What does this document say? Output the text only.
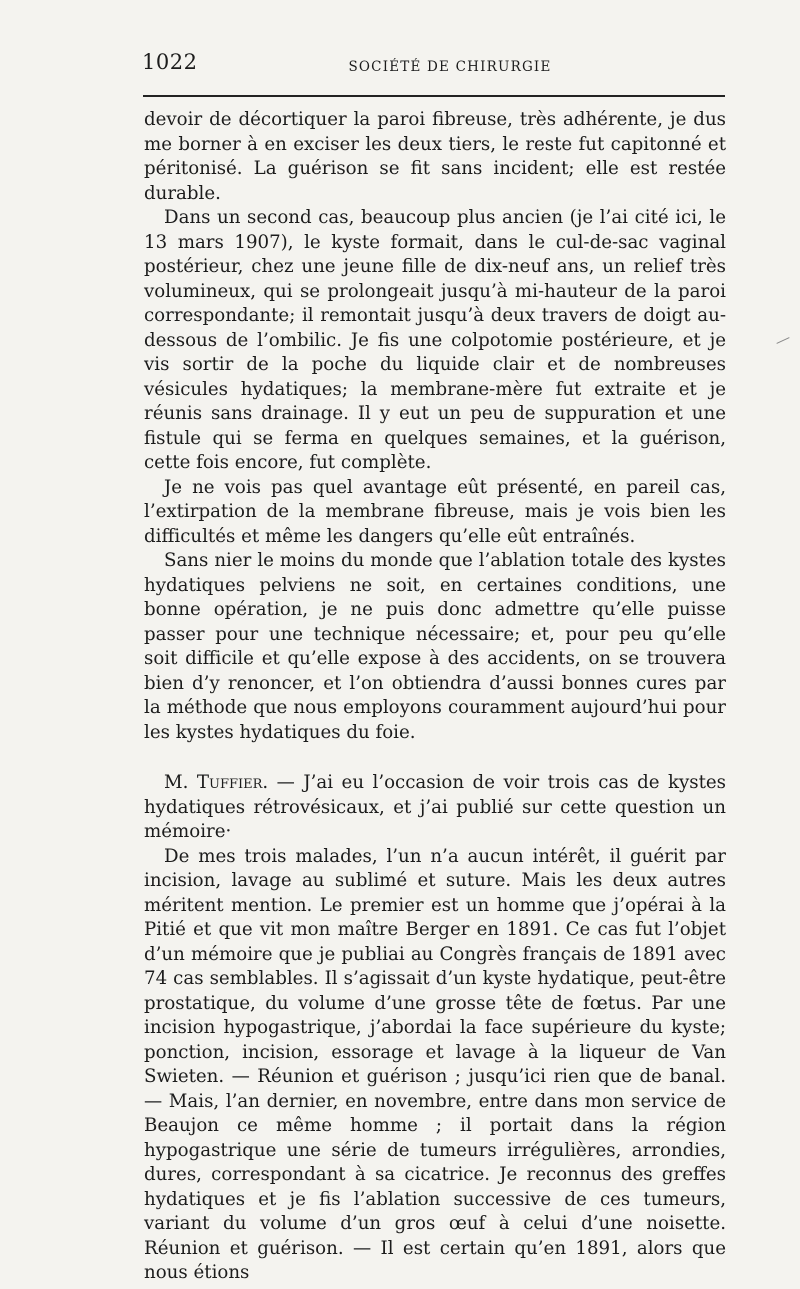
1022	SOCIÉTÉ DE CHIRURGIE

devoir de décortiquer la paroi fibreuse, très adhérente, je dus me borner à en exciser les deux tiers, le reste fut capitonné et péritonisé. La guérison se fit sans incident; elle est restée durable.

Dans un second cas, beaucoup plus ancien (je l’ai cité ici, le 13 mars 1907), le kyste formait, dans le cul-de-sac vaginal postérieur, chez une jeune fille de dix-neuf ans, un relief très volumineux, qui se prolongeait jusqu’à mi-hauteur de la paroi correspondante; il remontait jusqu’à deux travers de doigt au-dessous de l’ombilic. Je fis une colpotomie postérieure, et je vis sortir de la poche du liquide clair et de nombreuses vésicules hydatiques; la membrane-mère fut extraite et je réunis sans drainage. Il y eut un peu de suppuration et une fistule qui se ferma en quelques semaines, et la guérison, cette fois encore, fut complète.

Je ne vois pas quel avantage eût présenté, en pareil cas, l’extirpation de la membrane fibreuse, mais je vois bien les difficultés et même les dangers qu’elle eût entraînés.

Sans nier le moins du monde que l’ablation totale des kystes hydatiques pelviens ne soit, en certaines conditions, une bonne opération, je ne puis donc admettre qu’elle puisse passer pour une technique nécessaire; et, pour peu qu’elle soit difficile et qu’elle expose à des accidents, on se trouvera bien d’y renoncer, et l’on obtiendra d’aussi bonnes cures par la méthode que nous employons couramment aujourd’hui pour les kystes hydatiques du foie.

M. Tuffier. — J’ai eu l’occasion de voir trois cas de kystes hydatiques rétrovésicaux, et j’ai publié sur cette question un mémoire·

De mes trois malades, l’un n’a aucun intérêt, il guérit par incision, lavage au sublimé et suture. Mais les deux autres méritent mention. Le premier est un homme que j’opérai à la Pitié et que vit mon maître Berger en 1891. Ce cas fut l’objet d’un mémoire que je publiai au Congrès français de 1891 avec 74 cas semblables. Il s’agissait d’un kyste hydatique, peut-être prostatique, du volume d’une grosse tête de fœtus. Par une incision hypogastrique, j’abordai la face supérieure du kyste; ponction, incision, essorage et lavage à la liqueur de Van Swieten. — Réunion et guérison ; jusqu’ici rien que de banal. — Mais, l’an dernier, en novembre, entre dans mon service de Beaujon ce même homme ; il portait dans la région hypogastrique une série de tumeurs irrégulières, arrondies, dures, correspondant à sa cicatrice. Je reconnus des greffes hydatiques et je fis l’ablation successive de ces tumeurs, variant du volume d’un gros œuf à celui d’une noisette. Réunion et guérison. — Il est certain qu’en 1891, alors que nous étions
